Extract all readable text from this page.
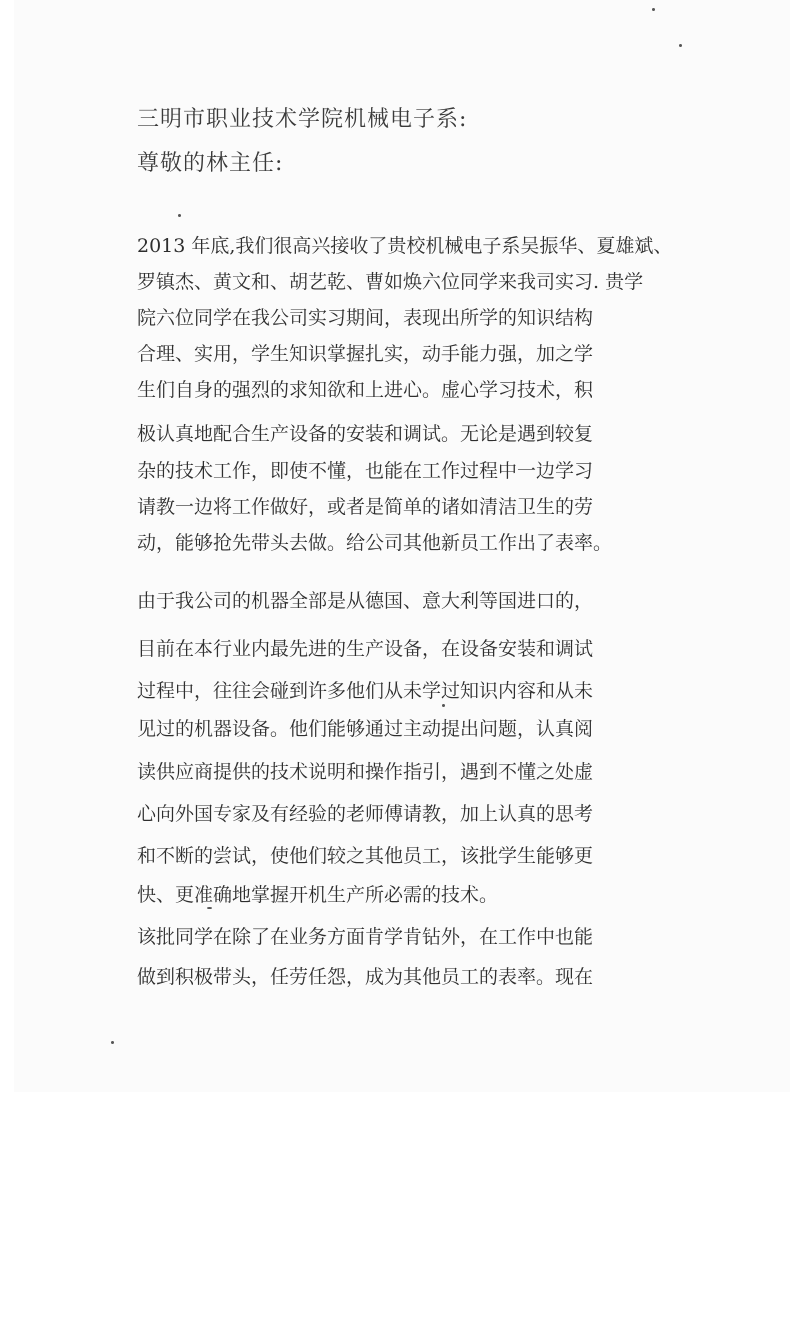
三明市职业技术学院机械电子系:
尊敬的林主任:
2013 年底,我们很高兴接收了贵校机械电子系吴振华、夏雄斌、
罗镇杰、黄文和、胡艺乾、曹如焕六位同学来我司实习. 贵学
院六位同学在我公司实习期间，表现出所学的知识结构
合理、实用，学生知识掌握扎实，动手能力强，加之学
生们自身的强烈的求知欲和上进心。虚心学习技术，积
极认真地配合生产设备的安装和调试。无论是遇到较复
杂的技术工作，即使不懂，也能在工作过程中一边学习
请教一边将工作做好，或者是简单的诸如清洁卫生的劳
动，能够抢先带头去做。给公司其他新员工作出了表率。
由于我公司的机器全部是从德国、意大利等国进口的，
目前在本行业内最先进的生产设备，在设备安装和调试
过程中，往往会碰到许多他们从未学过知识内容和从未
见过的机器设备。他们能够通过主动提出问题，认真阅
读供应商提供的技术说明和操作指引，遇到不懂之处虚
心向外国专家及有经验的老师傅请教，加上认真的思考
和不断的尝试，使他们较之其他员工，该批学生能够更
快、更准确地掌握开机生产所必需的技术。
该批同学在除了在业务方面肯学肯钻外，在工作中也能
做到积极带头，任劳任怨，成为其他员工的表率。现在
